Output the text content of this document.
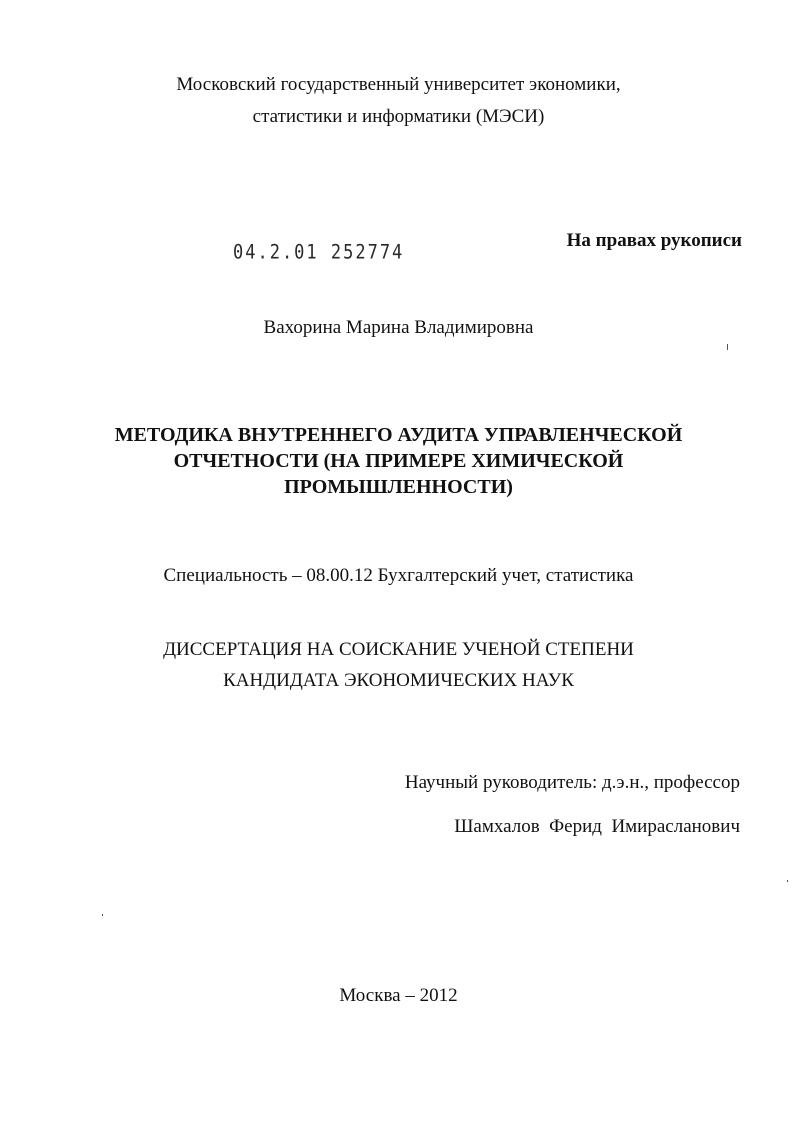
Московский государственный университет экономики,
статистики и информатики (МЭСИ)
04.2.01 252774
На правах рукописи
Вахорина Марина Владимировна
МЕТОДИКА ВНУТРЕННЕГО АУДИТА УПРАВЛЕНЧЕСКОЙ
ОТЧЕТНОСТИ (НА ПРИМЕРЕ ХИМИЧЕСКОЙ
ПРОМЫШЛЕННОСТИ)
Специальность – 08.00.12 Бухгалтерский учет, статистика
ДИССЕРТАЦИЯ НА СОИСКАНИЕ УЧЕНОЙ СТЕПЕНИ
КАНДИДАТА ЭКОНОМИЧЕСКИХ НАУК
Научный руководитель: д.э.н., профессор
Шамхалов  Ферид  Имирасланович
Москва – 2012
